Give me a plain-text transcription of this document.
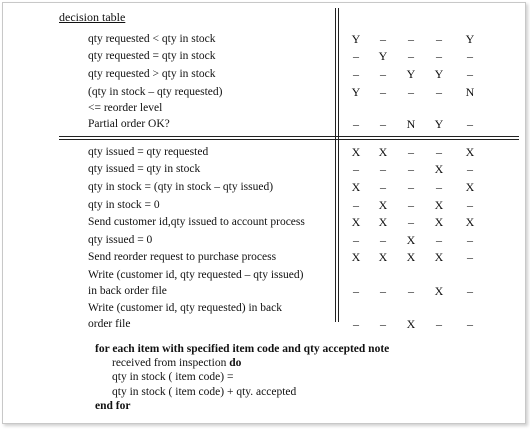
decision table
qty requested < qty in stock	Y	–	–	–	Y
qty requested = qty in stock	–	Y	–	–	–
qty requested > qty in stock	–	–	Y	Y	–
(qty in stock – qty requested)
<= reorder level
Y	–	–	–	N
Partial order OK?	–	–	N	Y	–
qty issued = qty requested	X	X	–	–	X
qty issued = qty in stock	–	–	–	X	–
qty in stock = (qty in stock – qty issued)	X	–	–	–	X
qty in stock = 0	–	X	–	X	–
Send customer id,qty issued to account process	X	X	–	X	X
qty issued = 0	–	–	X	–	–
Send reorder request to purchase process	X	X	X	X	–
Write (customer id, qty requested – qty issued)
in back order file	–	–	–	X	–
Write (customer id, qty requested) in back
order file	–	–	X	–	–
for each item with specified item code and qty accepted note
received from inspection do
qty in stock ( item code) =
qty in stock ( item code) + qty. accepted
end for
